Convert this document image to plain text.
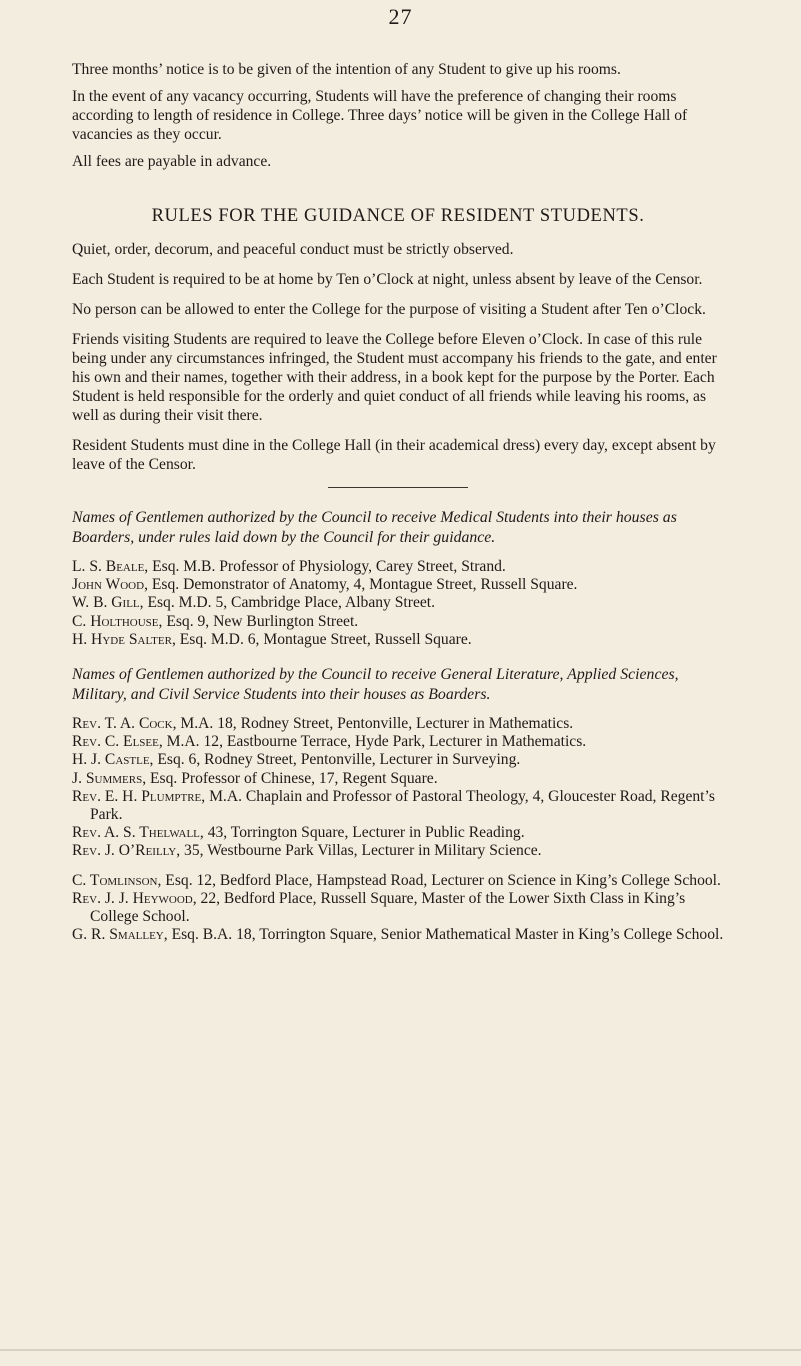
27

Three months’ notice is to be given of the intention of any Student to give up his rooms.

In the event of any vacancy occurring, Students will have the preference of changing their rooms according to length of residence in College. Three days’ notice will be given in the College Hall of vacancies as they occur.

All fees are payable in advance.

RULES FOR THE GUIDANCE OF RESIDENT STUDENTS.

Quiet, order, decorum, and peaceful conduct must be strictly observed.

Each Student is required to be at home by Ten o’Clock at night, unless absent by leave of the Censor.

No person can be allowed to enter the College for the purpose of visiting a Student after Ten o’Clock.

Friends visiting Students are required to leave the College before Eleven o’Clock. In case of this rule being under any circumstances infringed, the Student must accompany his friends to the gate, and enter his own and their names, together with their address, in a book kept for the purpose by the Porter. Each Student is held responsible for the orderly and quiet conduct of all friends while leaving his rooms, as well as during their visit there.

Resident Students must dine in the College Hall (in their academical dress) every day, except absent by leave of the Censor.

Names of Gentlemen authorized by the Council to receive Medical Students into their houses as Boarders, under rules laid down by the Council for their guidance.

L. S. Beale, Esq. M.B. Professor of Physiology, Carey Street, Strand.
John Wood, Esq. Demonstrator of Anatomy, 4, Montague Street, Russell Square.
W. B. Gill, Esq. M.D. 5, Cambridge Place, Albany Street.
C. Holthouse, Esq. 9, New Burlington Street.
H. Hyde Salter, Esq. M.D. 6, Montague Street, Russell Square.

Names of Gentlemen authorized by the Council to receive General Literature, Applied Sciences, Military, and Civil Service Students into their houses as Boarders.

Rev. T. A. Cock, M.A. 18, Rodney Street, Pentonville, Lecturer in Mathematics.
Rev. C. Elsee, M.A. 12, Eastbourne Terrace, Hyde Park, Lecturer in Mathematics.
H. J. Castle, Esq. 6, Rodney Street, Pentonville, Lecturer in Surveying.
J. Summers, Esq. Professor of Chinese, 17, Regent Square.
Rev. E. H. Plumptre, M.A. Chaplain and Professor of Pastoral Theology, 4, Gloucester Road, Regent’s Park.
Rev. A. S. Thelwall, 43, Torrington Square, Lecturer in Public Reading.
Rev. J. O’Reilly, 35, Westbourne Park Villas, Lecturer in Military Science.
C. Tomlinson, Esq. 12, Bedford Place, Hampstead Road, Lecturer on Science in King’s College School.
Rev. J. J. Heywood, 22, Bedford Place, Russell Square, Master of the Lower Sixth Class in King’s College School.
G. R. Smalley, Esq. B.A. 18, Torrington Square, Senior Mathematical Master in King’s College School.
